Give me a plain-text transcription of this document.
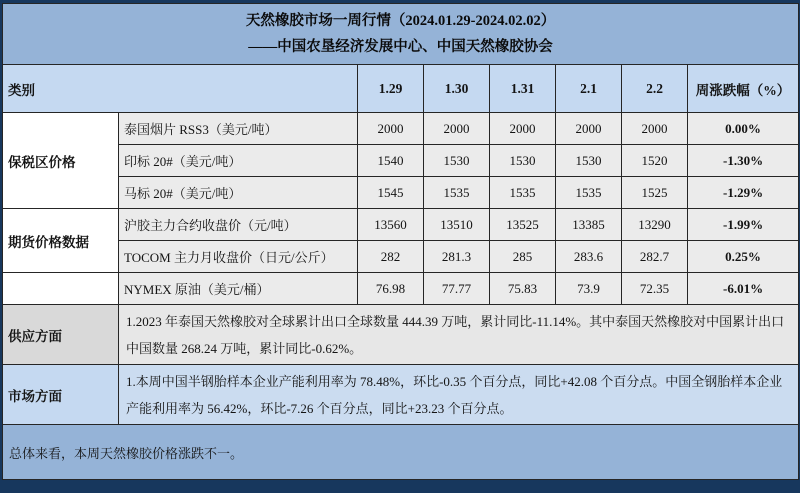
天然橡胶市场一周行情（2024.01.29-2024.02.02）
——中国农垦经济发展中心、中国天然橡胶协会							

类别		1.29	1.30	1.31	2.1	2.2	周涨跌幅（%）
保税区价格	泰国烟片 RSS3（美元/吨）	2000	2000	2000	2000	2000	0.00%
	印标 20#（美元/吨）	1540	1530	1530	1530	1520	-1.30%
	马标 20#（美元/吨）	1545	1535	1535	1535	1525	-1.29%
期货价格数据	沪胶主力合约收盘价（元/吨）	13560	13510	13525	13385	13290	-1.99%
	TOCOM 主力月收盘价（日元/公斤）	282	281.3	285	283.6	282.7	0.25%
	NYMEX 原油（美元/桶）	76.98	77.77	75.83	73.9	72.35	-6.01%
供应方面	1.2023 年泰国天然橡胶对全球累计出口全球数量 444.39 万吨，累计同比-11.14%。其中泰国天然橡胶对中国累计出口中国数量 268.24 万吨，累计同比-0.62%。						
市场方面	1.本周中国半钢胎样本企业产能利用率为 78.48%，环比-0.35 个百分点，同比+42.08 个百分点。中国全钢胎样本企业产能利用率为 56.42%，环比-7.26 个百分点，同比+23.23 个百分点。						
总体来看，本周天然橡胶价格涨跌不一。							
